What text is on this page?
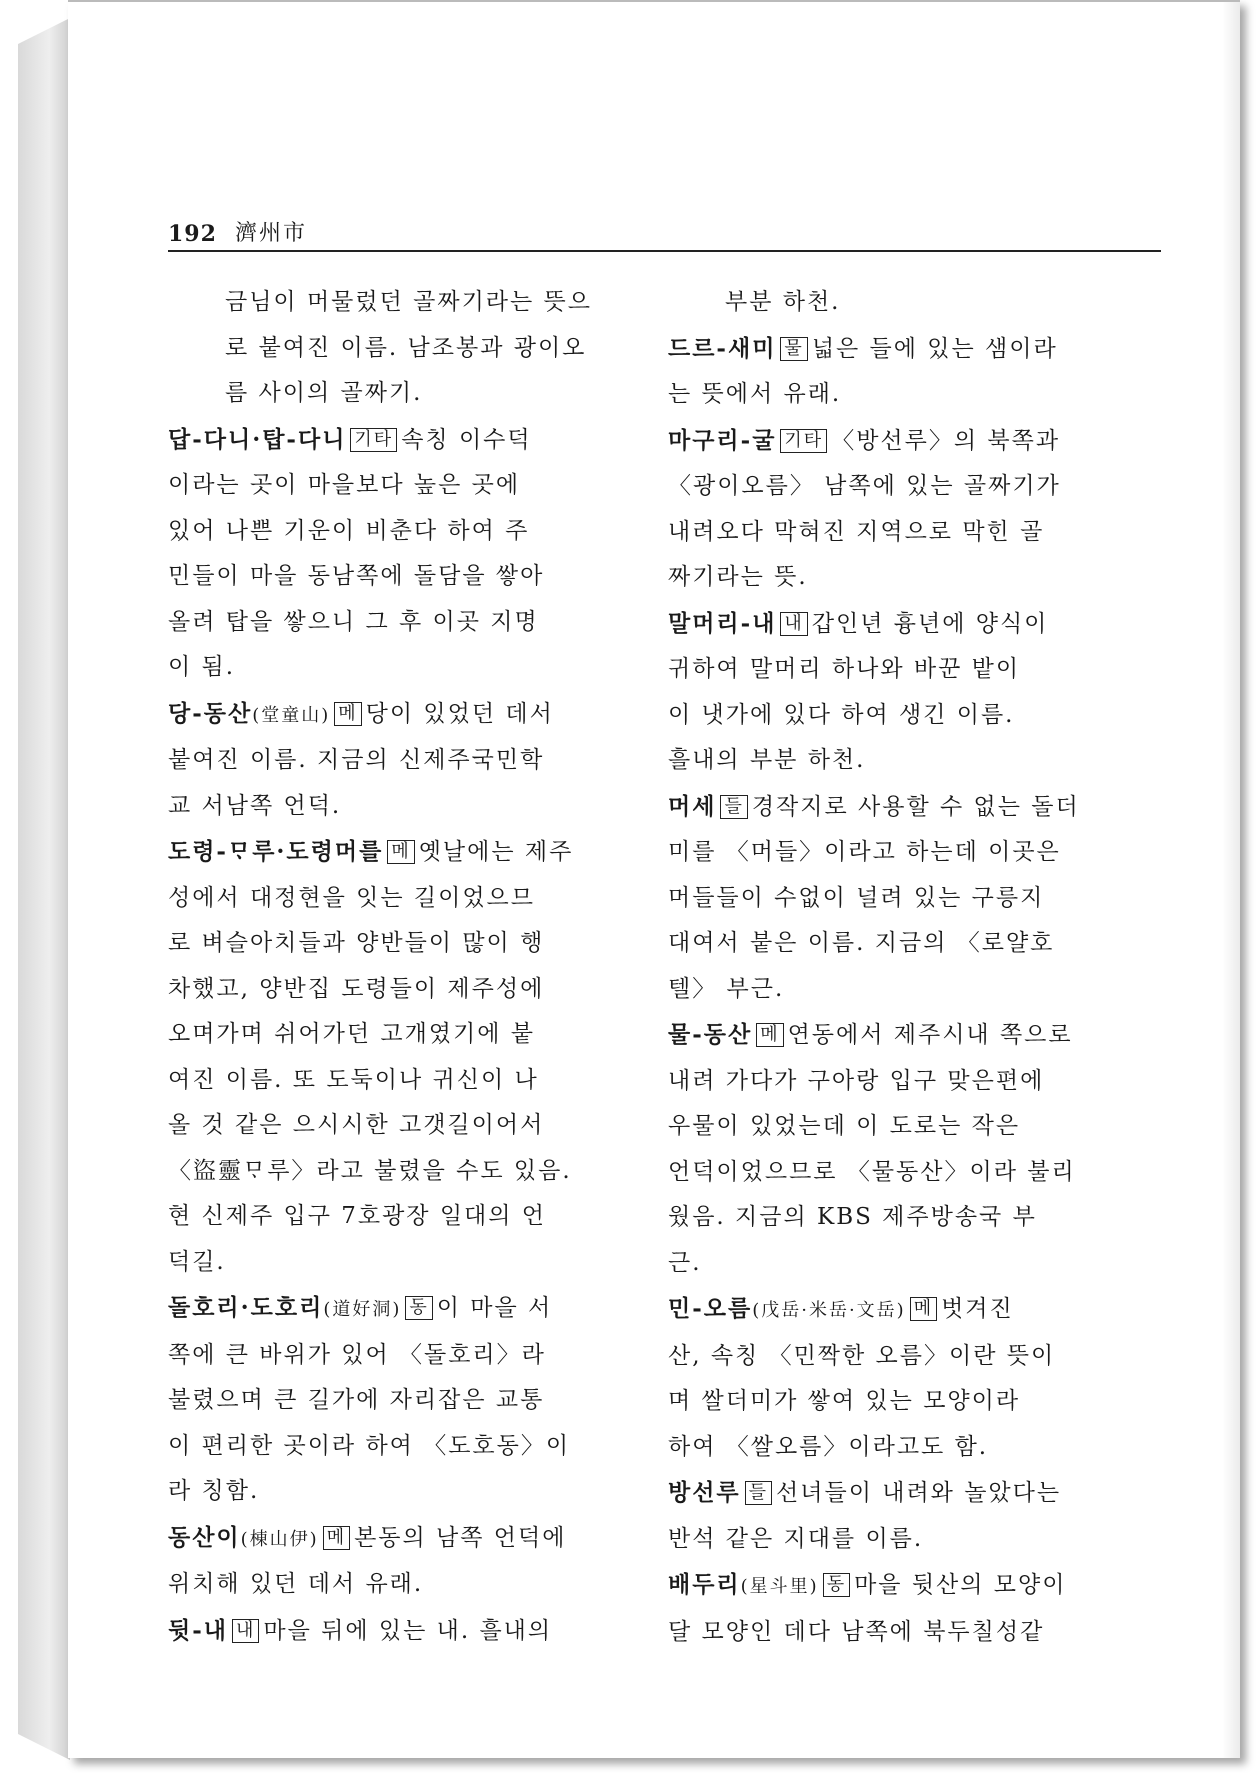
192 濟州市
금님이 머물렀던 골짜기라는 뜻으
로 붙여진 이름. 남조봉과 광이오
름 사이의 골짜기.
답-다니·탑-다니 기타 속칭 이수덕
이라는 곳이 마을보다 높은 곳에
있어 나쁜 기운이 비춘다 하여 주
민들이 마을 동남쪽에 돌담을 쌓아
올려 탑을 쌓으니 그 후 이곳 지명
이 됨.
당-동산(堂童山) 메 당이 있었던 데서
붙여진 이름. 지금의 신제주국민학
교 서남쪽 언덕.
도령-ᄆᆞ루·도령머를 메 옛날에는 제주
성에서 대정현을 잇는 길이었으므
로 벼슬아치들과 양반들이 많이 행
차했고, 양반집 도령들이 제주성에
오며가며 쉬어가던 고개였기에 붙
여진 이름. 또 도둑이나 귀신이 나
올 것 같은 으시시한 고갯길이어서
〈盜靈ᄆᆞ루〉라고 불렸을 수도 있음.
현 신제주 입구 7호광장 일대의 언
덕길.
돌호리·도호리(道好洞) 동 이 마을 서
쪽에 큰 바위가 있어 〈돌호리〉라
불렸으며 큰 길가에 자리잡은 교통
이 편리한 곳이라 하여 〈도호동〉이
라 칭함.
동산이(棟山伊) 메 본동의 남쪽 언덕에
위치해 있던 데서 유래.
뒷-내 내 마을 뒤에 있는 내. 흘내의
부분 하천.
드르-새미 물 넓은 들에 있는 샘이라
는 뜻에서 유래.
마구리-굴 기타 〈방선루〉의 북쪽과
〈광이오름〉 남쪽에 있는 골짜기가
내려오다 막혀진 지역으로 막힌 골
짜기라는 뜻.
말머리-내 내 갑인년 흉년에 양식이
귀하여 말머리 하나와 바꾼 밭이
이 냇가에 있다 하여 생긴 이름.
흘내의 부분 하천.
머세 들 경작지로 사용할 수 없는 돌더
미를 〈머들〉이라고 하는데 이곳은
머들들이 수없이 널려 있는 구릉지
대여서 붙은 이름. 지금의 〈로얄호
텔〉 부근.
물-동산 메 연동에서 제주시내 쪽으로
내려 가다가 구아랑 입구 맞은편에
우물이 있었는데 이 도로는 작은
언덕이었으므로 〈물동산〉이라 불리
웠음. 지금의 KBS 제주방송국 부
근.
민-오름(戊岳·米岳·文岳) 메 벗겨진
산, 속칭 〈민짝한 오름〉이란 뜻이
며 쌀더미가 쌓여 있는 모양이라
하여 〈쌀오름〉이라고도 함.
방선루 들 선녀들이 내려와 놀았다는
반석 같은 지대를 이름.
배두리(星斗里) 동 마을 뒷산의 모양이
달 모양인 데다 남쪽에 북두칠성같
